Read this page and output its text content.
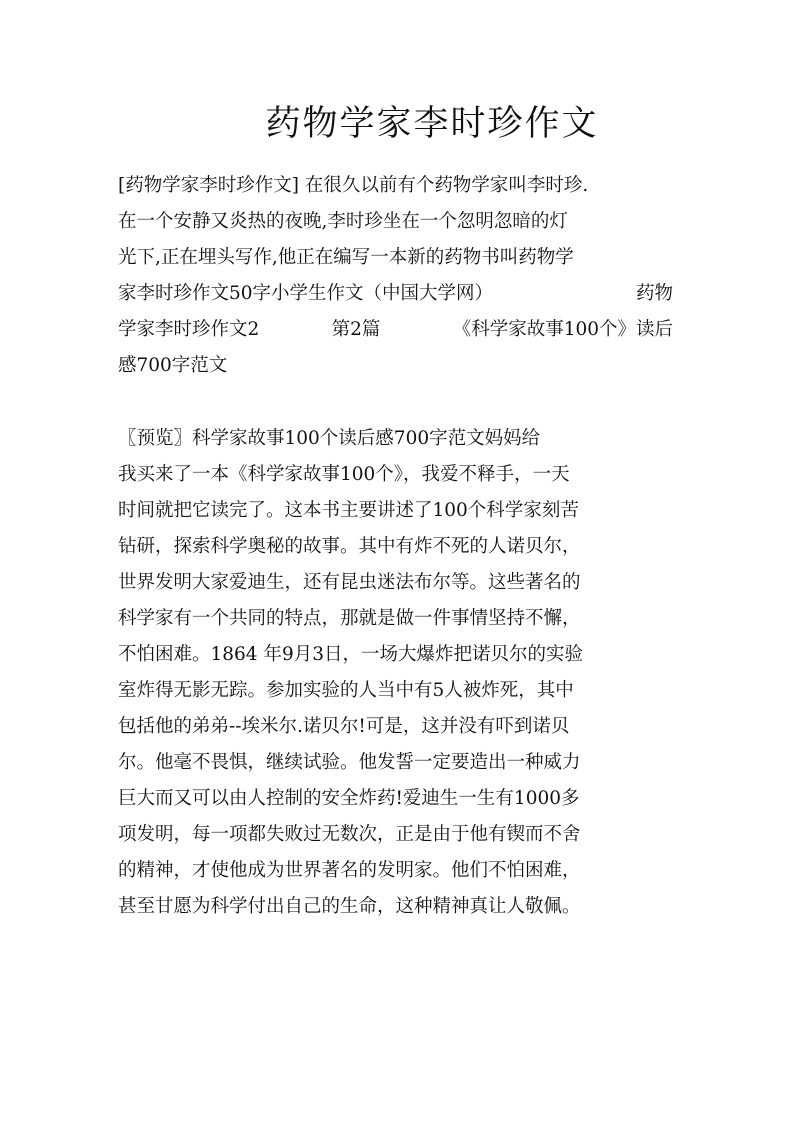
药物学家李时珍作文
[药物学家李时珍作文] 在很久以前有个药物学家叫李时珍.
在一个安静又炎热的夜晚,李时珍坐在一个忽明忽暗的灯
光下,正在埋头写作,他正在编写一本新的药物书叫药物学
家李时珍作文50字小学生作文（中国大学网）	药物
学家李时珍作文2	第2篇	《科学家故事100个》读后
感700字范文
〖预览〗科学家故事100个读后感700字范文妈妈给
我买来了一本《科学家故事100个》，我爱不释手，一天
时间就把它读完了。这本书主要讲述了100个科学家刻苦
钻研，探索科学奥秘的故事。其中有炸不死的人诺贝尔，
世界发明大家爱迪生，还有昆虫迷法布尔等。这些著名的
科学家有一个共同的特点，那就是做一件事情坚持不懈，
不怕困难。1864 年9月3日，一场大爆炸把诺贝尔的实验
室炸得无影无踪。参加实验的人当中有5人被炸死，其中
包括他的弟弟--埃米尔.诺贝尔!可是，这并没有吓到诺贝
尔。他毫不畏惧，继续试验。他发誓一定要造出一种威力
巨大而又可以由人控制的安全炸药!爱迪生一生有1000多
项发明，每一项都失败过无数次，正是由于他有锲而不舍
的精神，才使他成为世界著名的发明家。他们不怕困难，
甚至甘愿为科学付出自己的生命，这种精神真让人敬佩。
